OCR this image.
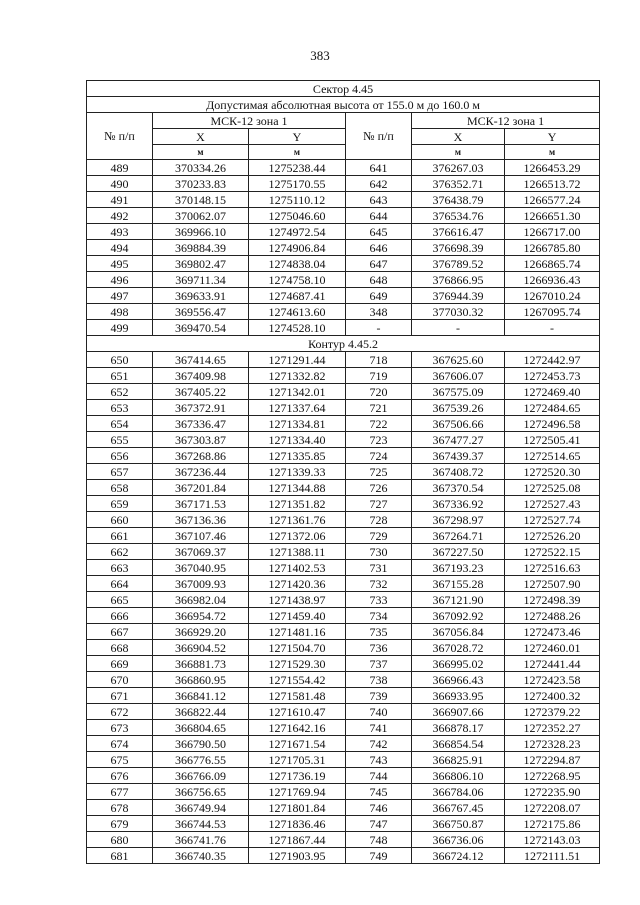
383
Сектор 4.45					
Допустимая абсолютная высота от 155.0 м до 160.0 м					
№ п/п	МСК-12 зона 1		№ п/п	МСК-12 зона 1	
	X	Y		X	Y
	м	м		м	м
489	370334.26	1275238.44	641	376267.03	1266453.29
490	370233.83	1275170.55	642	376352.71	1266513.72
491	370148.15	1275110.12	643	376438.79	1266577.24
492	370062.07	1275046.60	644	376534.76	1266651.30
493	369966.10	1274972.54	645	376616.47	1266717.00
494	369884.39	1274906.84	646	376698.39	1266785.80
495	369802.47	1274838.04	647	376789.52	1266865.74
496	369711.34	1274758.10	648	376866.95	1266936.43
497	369633.91	1274687.41	649	376944.39	1267010.24
498	369556.47	1274613.60	348	377030.32	1267095.74
499	369470.54	1274528.10	-	-	-
Контур 4.45.2					
650	367414.65	1271291.44	718	367625.60	1272442.97
651	367409.98	1271332.82	719	367606.07	1272453.73
652	367405.22	1271342.01	720	367575.09	1272469.40
653	367372.91	1271337.64	721	367539.26	1272484.65
654	367336.47	1271334.81	722	367506.66	1272496.58
655	367303.87	1271334.40	723	367477.27	1272505.41
656	367268.86	1271335.85	724	367439.37	1272514.65
657	367236.44	1271339.33	725	367408.72	1272520.30
658	367201.84	1271344.88	726	367370.54	1272525.08
659	367171.53	1271351.82	727	367336.92	1272527.43
660	367136.36	1271361.76	728	367298.97	1272527.74
661	367107.46	1271372.06	729	367264.71	1272526.20
662	367069.37	1271388.11	730	367227.50	1272522.15
663	367040.95	1271402.53	731	367193.23	1272516.63
664	367009.93	1271420.36	732	367155.28	1272507.90
665	366982.04	1271438.97	733	367121.90	1272498.39
666	366954.72	1271459.40	734	367092.92	1272488.26
667	366929.20	1271481.16	735	367056.84	1272473.46
668	366904.52	1271504.70	736	367028.72	1272460.01
669	366881.73	1271529.30	737	366995.02	1272441.44
670	366860.95	1271554.42	738	366966.43	1272423.58
671	366841.12	1271581.48	739	366933.95	1272400.32
672	366822.44	1271610.47	740	366907.66	1272379.22
673	366804.65	1271642.16	741	366878.17	1272352.27
674	366790.50	1271671.54	742	366854.54	1272328.23
675	366776.55	1271705.31	743	366825.91	1272294.87
676	366766.09	1271736.19	744	366806.10	1272268.95
677	366756.65	1271769.94	745	366784.06	1272235.90
678	366749.94	1271801.84	746	366767.45	1272208.07
679	366744.53	1271836.46	747	366750.87	1272175.86
680	366741.76	1271867.44	748	366736.06	1272143.03
681	366740.35	1271903.95	749	366724.12	1272111.51
